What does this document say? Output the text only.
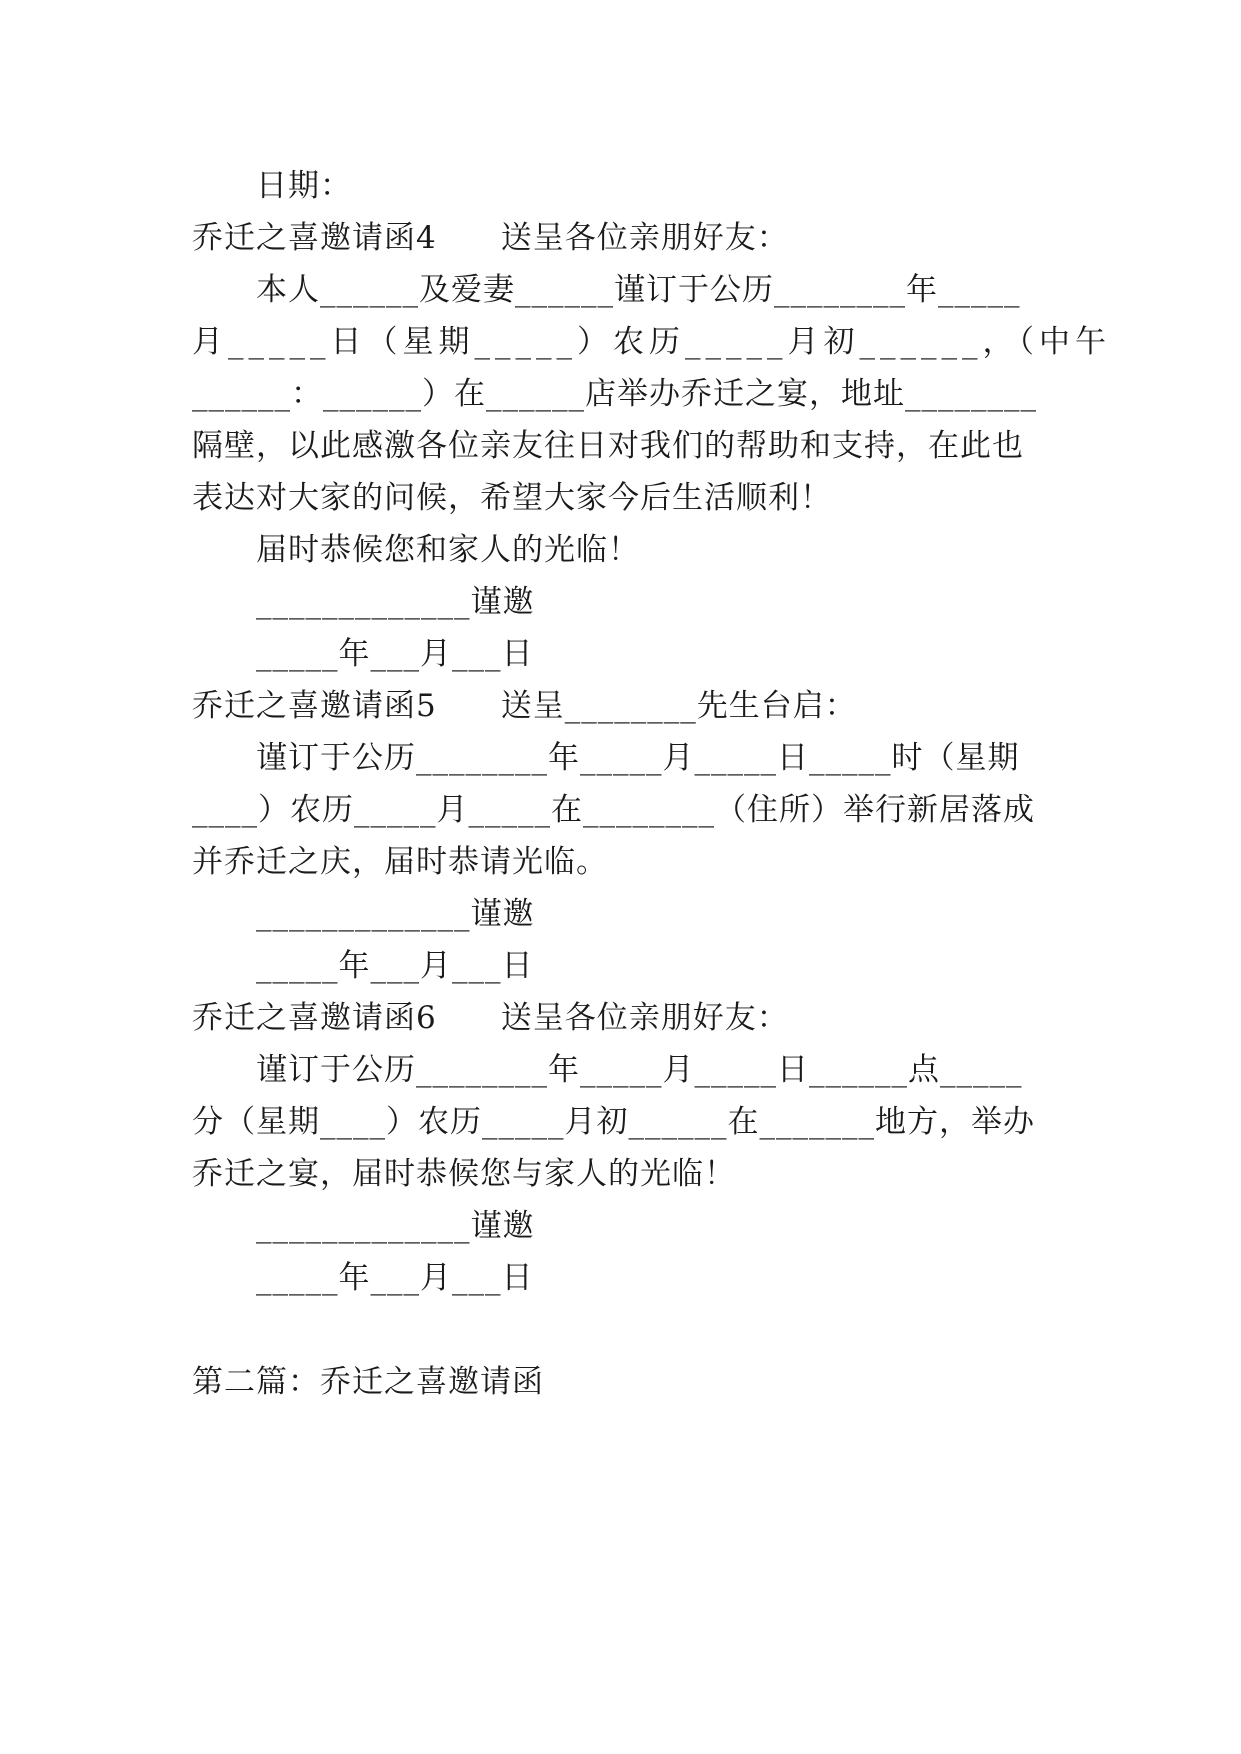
日期：
乔迁之喜邀请函4　　送呈各位亲朋好友：
本人______及爱妻______谨订于公历________年_____
月_____日（星期_____）农历_____月初______，（中午
______：______）在______店举办乔迁之宴，地址________
隔壁，以此感激各位亲友往日对我们的帮助和支持，在此也
表达对大家的问候，希望大家今后生活顺利！
届时恭候您和家人的光临！
_____________谨邀
_____年___月___日
乔迁之喜邀请函5　　送呈________先生台启：
谨订于公历________年_____月_____日_____时（星期
____）农历_____月_____在________（住所）举行新居落成
并乔迁之庆，届时恭请光临。
_____________谨邀
_____年___月___日
乔迁之喜邀请函6　　送呈各位亲朋好友：
谨订于公历________年_____月_____日______点_____
分（星期____）农历_____月初______在_______地方，举办
乔迁之宴，届时恭候您与家人的光临！
_____________谨邀
_____年___月___日
第二篇：乔迁之喜邀请函
